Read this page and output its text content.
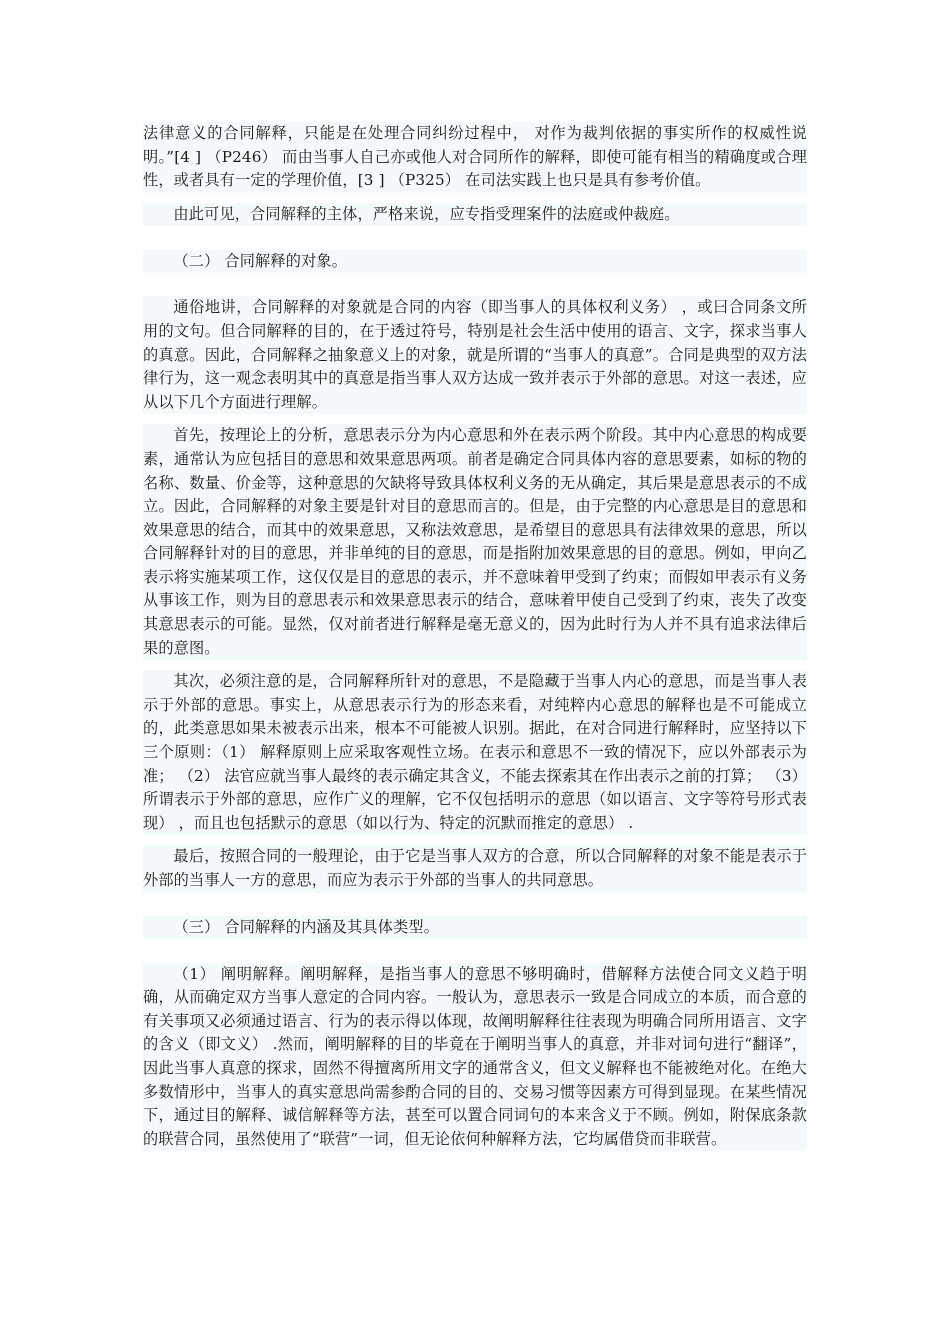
法律意义的合同解释，只能是在处理合同纠纷过程中， 对作为裁判依据的事实所作的权威性说明。”[4 ] （P246） 而由当事人自己亦或他人对合同所作的解释，即使可能有相当的精确度或合理性，或者具有一定的学理价值，[3 ] （P325） 在司法实践上也只是具有参考价值。

由此可见，合同解释的主体，严格来说，应专指受理案件的法庭或仲裁庭。

（二） 合同解释的对象。

通俗地讲，合同解释的对象就是合同的内容（即当事人的具体权利义务） ，或曰合同条文所用的文句。但合同解释的目的，在于透过符号，特别是社会生活中使用的语言、文字，探求当事人的真意。因此，合同解释之抽象意义上的对象，就是所谓的“当事人的真意”。合同是典型的双方法律行为，这一观念表明其中的真意是指当事人双方达成一致并表示于外部的意思。对这一表述，应从以下几个方面进行理解。

首先，按理论上的分析，意思表示分为内心意思和外在表示两个阶段。其中内心意思的构成要素，通常认为应包括目的意思和效果意思两项。前者是确定合同具体内容的意思要素，如标的物的名称、数量、价金等，这种意思的欠缺将导致具体权利义务的无从确定，其后果是意思表示的不成立。因此，合同解释的对象主要是针对目的意思而言的。但是，由于完整的内心意思是目的意思和效果意思的结合，而其中的效果意思，又称法效意思，是希望目的意思具有法律效果的意思，所以合同解释针对的目的意思，并非单纯的目的意思，而是指附加效果意思的目的意思。例如，甲向乙表示将实施某项工作，这仅仅是目的意思的表示，并不意味着甲受到了约束；而假如甲表示有义务从事该工作，则为目的意思表示和效果意思表示的结合，意味着甲使自己受到了约束，丧失了改变其意思表示的可能。显然，仅对前者进行解释是毫无意义的，因为此时行为人并不具有追求法律后果的意图。

其次，必须注意的是，合同解释所针对的意思，不是隐藏于当事人内心的意思，而是当事人表示于外部的意思。事实上，从意思表示行为的形态来看，对纯粹内心意思的解释也是不可能成立的，此类意思如果未被表示出来，根本不可能被人识别。据此，在对合同进行解释时，应坚持以下三个原则：（1） 解释原则上应采取客观性立场。在表示和意思不一致的情况下，应以外部表示为准； （2） 法官应就当事人最终的表示确定其含义，不能去探索其在作出表示之前的打算； （3） 所谓表示于外部的意思，应作广义的理解，它不仅包括明示的意思（如以语言、文字等符号形式表现） ，而且也包括默示的意思（如以行为、特定的沉默而推定的意思） .

最后，按照合同的一般理论，由于它是当事人双方的合意，所以合同解释的对象不能是表示于外部的当事人一方的意思，而应为表示于外部的当事人的共同意思。

（三） 合同解释的内涵及其具体类型。

（1） 阐明解释。阐明解释，是指当事人的意思不够明确时，借解释方法使合同文义趋于明确，从而确定双方当事人意定的合同内容。一般认为，意思表示一致是合同成立的本质，而合意的有关事项又必须通过语言、行为的表示得以体现，故阐明解释往往表现为明确合同所用语言、文字的含义（即文义） .然而，阐明解释的目的毕竟在于阐明当事人的真意，并非对词句进行“翻译”，因此当事人真意的探求，固然不得擅离所用文字的通常含义，但文义解释也不能被绝对化。在绝大多数情形中，当事人的真实意思尚需参酌合同的目的、交易习惯等因素方可得到显现。在某些情况下，通过目的解释、诚信解释等方法，甚至可以置合同词句的本来含义于不顾。例如，附保底条款的联营合同，虽然使用了“联营”一词，但无论依何种解释方法，它均属借贷而非联营。
